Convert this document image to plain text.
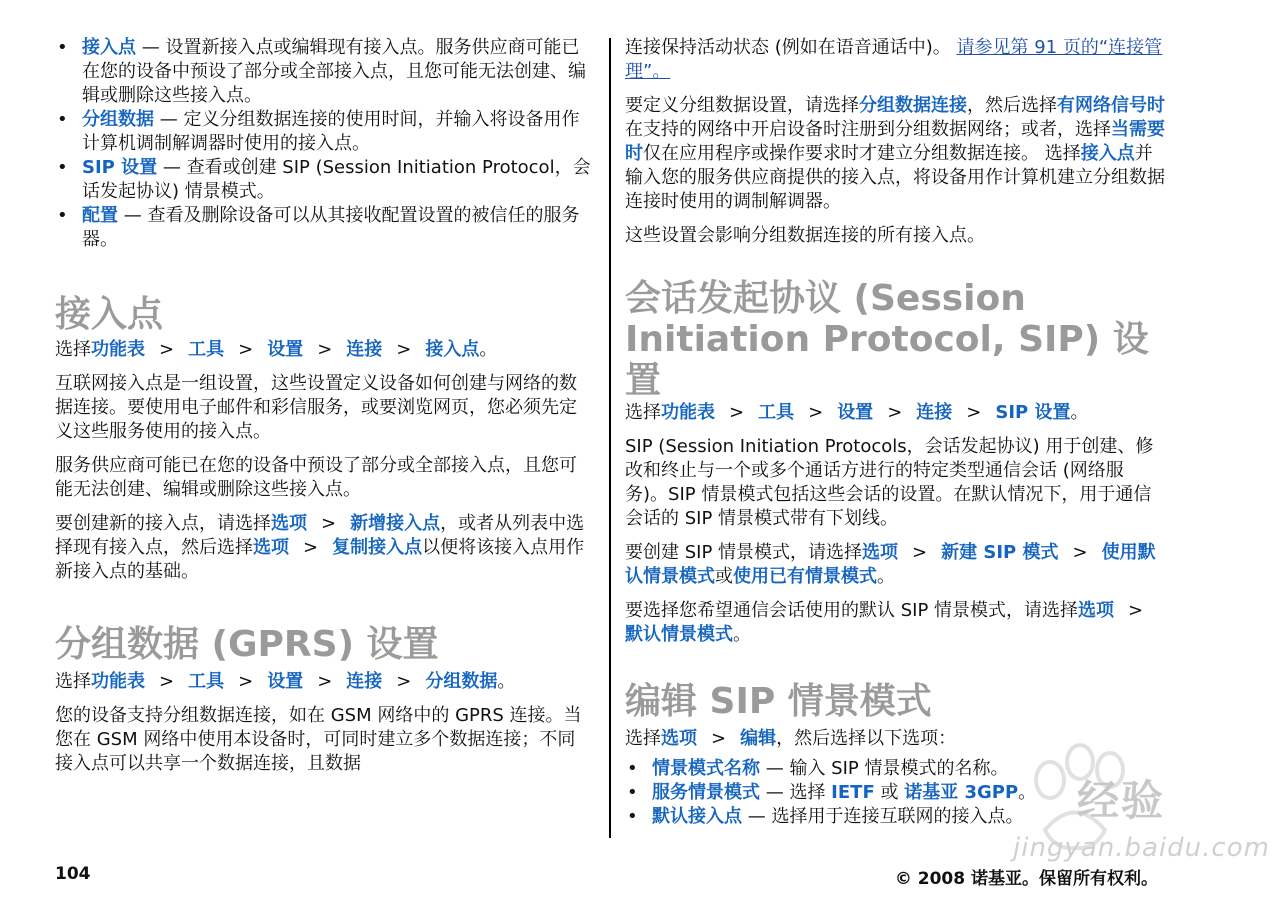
• 接入点 — 设置新接入点或编辑现有接入点。服务供应商可能已在您的设备中预设了部分或全部接入点，且您可能无法创建、编辑或删除这些接入点。
• 分组数据 — 定义分组数据连接的使用时间，并输入将设备用作计算机调制解调器时使用的接入点。
• SIP 设置 — 查看或创建 SIP (Session Initiation Protocol，会话发起协议) 情景模式。
• 配置 — 查看及删除设备可以从其接收配置设置的被信任的服务器。
接入点

选择功能表 > 工具 > 设置 > 连接 > 接入点。

互联网接入点是一组设置，这些设置定义设备如何创建与网络的数据连接。要使用电子邮件和彩信服务，或要浏览网页，您必须先定义这些服务使用的接入点。

服务供应商可能已在您的设备中预设了部分或全部接入点，且您可能无法创建、编辑或删除这些接入点。

要创建新的接入点，请选择选项 > 新增接入点，或者从列表中选择现有接入点，然后选择选项 > 复制接入点以便将该接入点用作新接入点的基础。

分组数据 (GPRS) 设置

选择功能表 > 工具 > 设置 > 连接 > 分组数据。

您的设备支持分组数据连接，如在 GSM 网络中的 GPRS 连接。当您在 GSM 网络中使用本设备时，可同时建立多个数据连接；不同接入点可以共享一个数据连接，且数据

连接保持活动状态 (例如在语音通话中)。 请参见第 91 页的“连接管理”。

要定义分组数据设置，请选择分组数据连接，然后选择有网络信号时在支持的网络中开启设备时注册到分组数据网络；或者，选择当需要时仅在应用程序或操作要求时才建立分组数据连接。 选择接入点并输入您的服务供应商提供的接入点，将设备用作计算机建立分组数据连接时使用的调制解调器。

这些设置会影响分组数据连接的所有接入点。

会话发起协议 (Session Initiation Protocol, SIP) 设置

选择功能表 > 工具 > 设置 > 连接 > SIP 设置。

SIP (Session Initiation Protocols，会话发起协议) 用于创建、修改和终止与一个或多个通话方进行的特定类型通信会话 (网络服务)。SIP 情景模式包括这些会话的设置。在默认情况下，用于通信会话的 SIP 情景模式带有下划线。

要创建 SIP 情景模式，请选择选项 > 新建 SIP 模式 > 使用默认情景模式或使用已有情景模式。

要选择您希望通信会话使用的默认 SIP 情景模式，请选择选项 >默认情景模式。

编辑 SIP 情景模式

选择选项 > 编辑，然后选择以下选项：

• 情景模式名称 — 输入 SIP 情景模式的名称。
• 服务情景模式 — 选择 IETF 或 诺基亚 3GPP。
• 默认接入点 — 选择用于连接互联网的接入点。
104	© 2008 诺基亚。保留所有权利。
经验
jingyan.baidu.com
